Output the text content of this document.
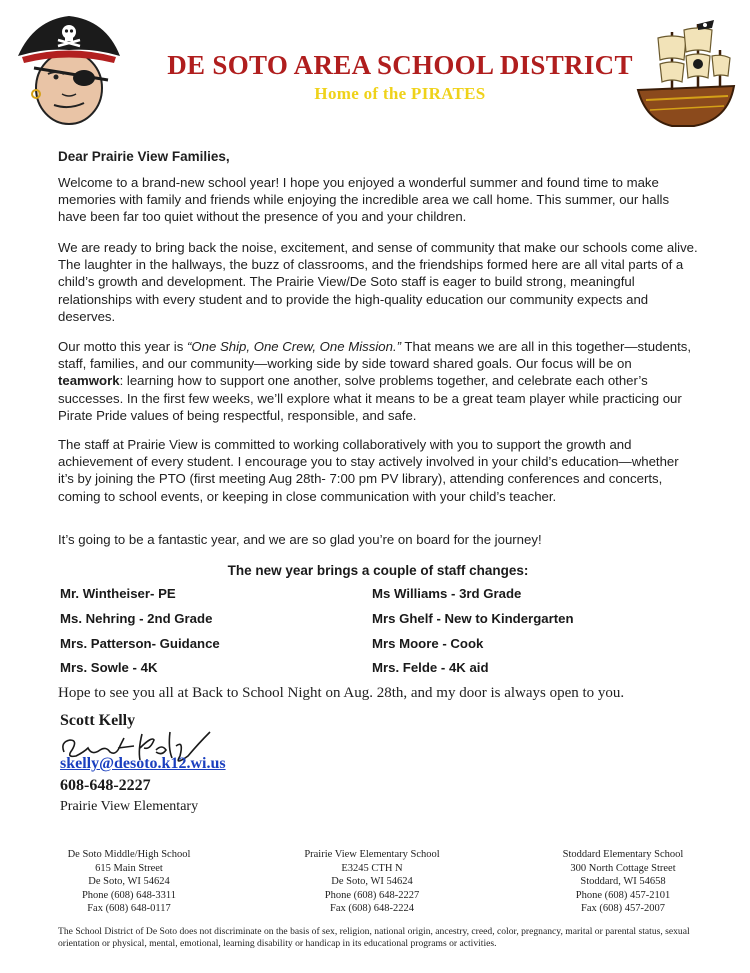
DE SOTO AREA SCHOOL DISTRICT
Home of the PIRATES
Dear Prairie View Families,
Welcome to a brand-new school year! I hope you enjoyed a wonderful summer and found time to make memories with family and friends while enjoying the incredible area we call home. This summer, our halls have been far too quiet without the presence of you and your children.
We are ready to bring back the noise, excitement, and sense of community that make our schools come alive. The laughter in the hallways, the buzz of classrooms, and the friendships formed here are all vital parts of a child’s growth and development. The Prairie View/De Soto staff is eager to build strong, meaningful relationships with every student and to provide the high-quality education our community expects and deserves.
Our motto this year is “One Ship, One Crew, One Mission.” That means we are all in this together—students, staff, families, and our community—working side by side toward shared goals. Our focus will be on teamwork: learning how to support one another, solve problems together, and celebrate each other’s successes. In the first few weeks, we’ll explore what it means to be a great team player while practicing our Pirate Pride values of being respectful, responsible, and safe.
The staff at Prairie View is committed to working collaboratively with you to support the growth and achievement of every student. I encourage you to stay actively involved in your child’s education—whether it’s by joining the PTO (first meeting Aug 28th- 7:00 pm PV library), attending conferences and concerts, coming to school events, or keeping in close communication with your child’s teacher.
It’s going to be a fantastic year, and we are so glad you’re on board for the journey!
The new year brings a couple of staff changes:
Mr. Wintheiser- PE
Ms. Nehring - 2nd Grade
Mrs. Patterson- Guidance
Mrs. Sowle - 4K
Ms Williams - 3rd Grade
Mrs Ghelf - New to Kindergarten
Mrs Moore - Cook
Mrs. Felde - 4K aid
Hope to see you all at Back to School Night on Aug. 28th, and my door is always open to you.
Scott Kelly
skelly@desoto.k12.wi.us
608-648-2227
Prairie View Elementary
De Soto Middle/High School
615 Main Street
De Soto, WI 54624
Phone (608) 648-3311
Fax (608) 648-0117
Prairie View Elementary School
E3245 CTH N
De Soto, WI 54624
Phone (608) 648-2227
Fax (608) 648-2224
Stoddard Elementary School
300 North Cottage Street
Stoddard, WI 54658
Phone (608) 457-2101
Fax (608) 457-2007
The School District of De Soto does not discriminate on the basis of sex, religion, national origin, ancestry, creed, color, pregnancy, marital or parental status, sexual orientation or physical, mental, emotional, learning disability or handicap in its educational programs or activities.
